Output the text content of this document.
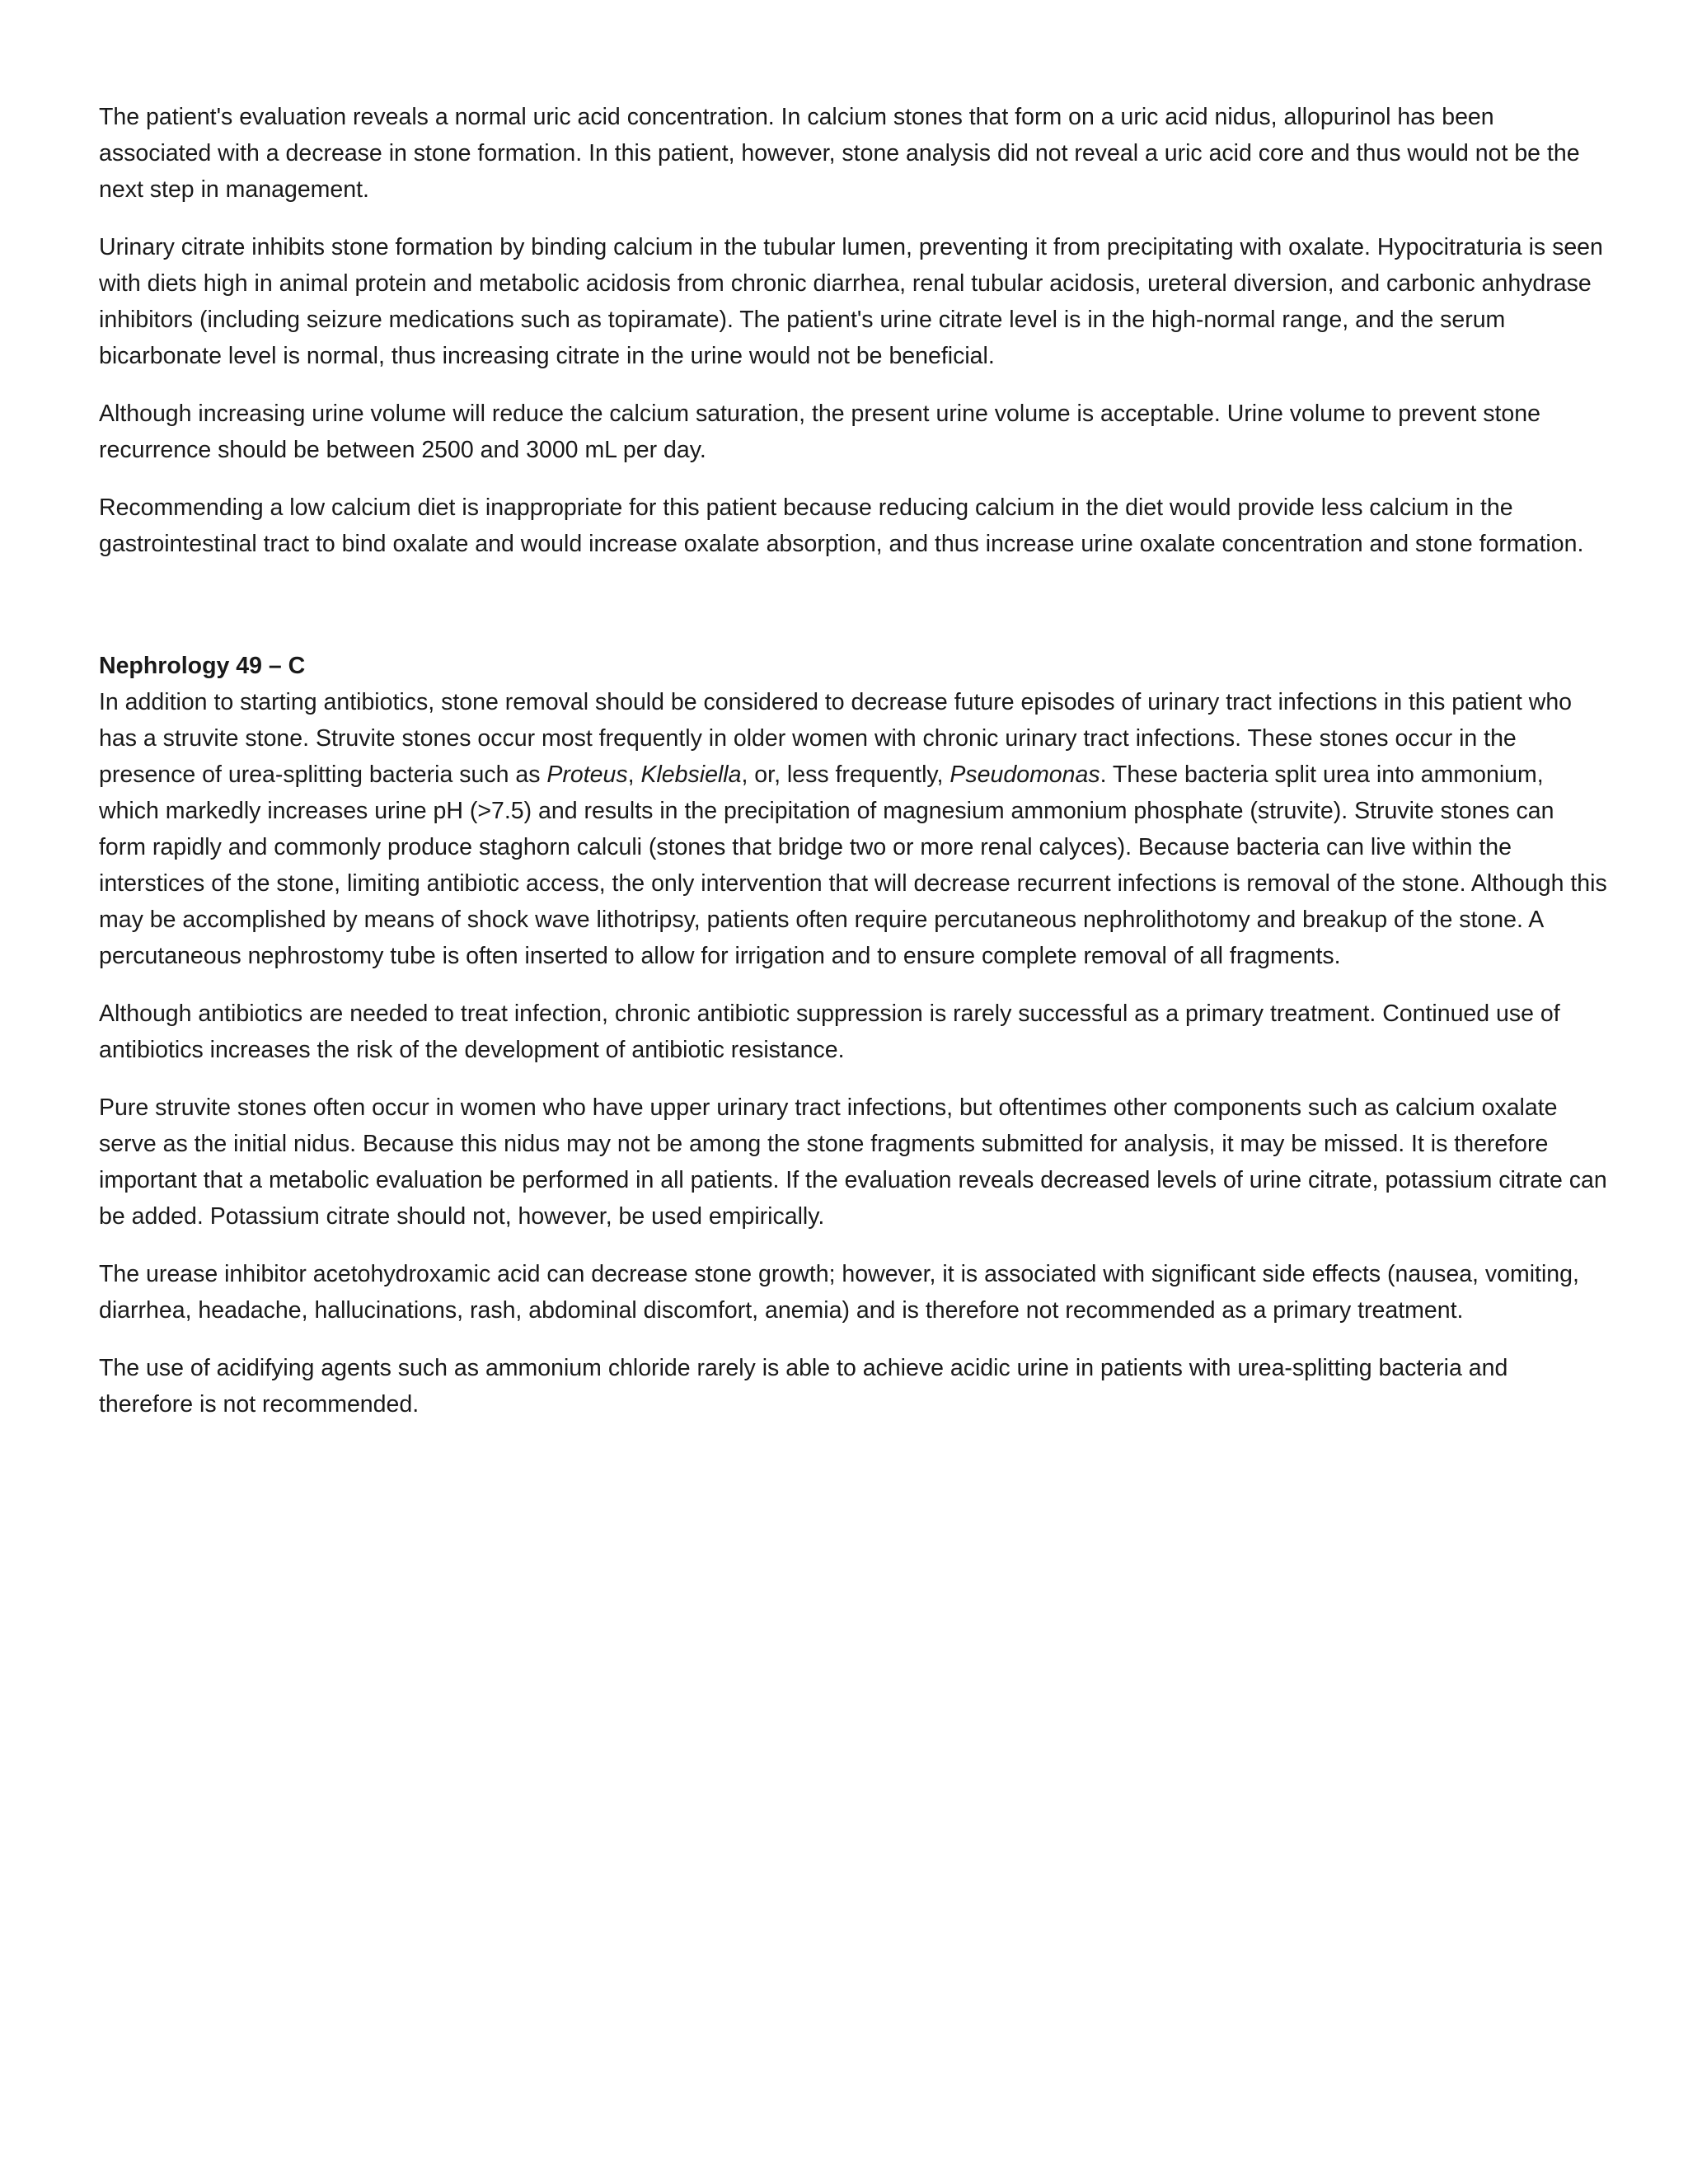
The patient's evaluation reveals a normal uric acid concentration. In calcium stones that form on a uric acid nidus, allopurinol has been associated with a decrease in stone formation. In this patient, however, stone analysis did not reveal a uric acid core and thus would not be the next step in management.

Urinary citrate inhibits stone formation by binding calcium in the tubular lumen, preventing it from precipitating with oxalate. Hypocitraturia is seen with diets high in animal protein and metabolic acidosis from chronic diarrhea, renal tubular acidosis, ureteral diversion, and carbonic anhydrase inhibitors (including seizure medications such as topiramate). The patient's urine citrate level is in the high-normal range, and the serum bicarbonate level is normal, thus increasing citrate in the urine would not be beneficial.

Although increasing urine volume will reduce the calcium saturation, the present urine volume is acceptable. Urine volume to prevent stone recurrence should be between 2500 and 3000 mL per day.

Recommending a low calcium diet is inappropriate for this patient because reducing calcium in the diet would provide less calcium in the gastrointestinal tract to bind oxalate and would increase oxalate absorption, and thus increase urine oxalate concentration and stone formation.

Nephrology 49 – C

In addition to starting antibiotics, stone removal should be considered to decrease future episodes of urinary tract infections in this patient who has a struvite stone. Struvite stones occur most frequently in older women with chronic urinary tract infections. These stones occur in the presence of urea-splitting bacteria such as Proteus, Klebsiella, or, less frequently, Pseudomonas. These bacteria split urea into ammonium, which markedly increases urine pH (>7.5) and results in the precipitation of magnesium ammonium phosphate (struvite). Struvite stones can form rapidly and commonly produce staghorn calculi (stones that bridge two or more renal calyces). Because bacteria can live within the interstices of the stone, limiting antibiotic access, the only intervention that will decrease recurrent infections is removal of the stone. Although this may be accomplished by means of shock wave lithotripsy, patients often require percutaneous nephrolithotomy and breakup of the stone. A percutaneous nephrostomy tube is often inserted to allow for irrigation and to ensure complete removal of all fragments.

Although antibiotics are needed to treat infection, chronic antibiotic suppression is rarely successful as a primary treatment. Continued use of antibiotics increases the risk of the development of antibiotic resistance.

Pure struvite stones often occur in women who have upper urinary tract infections, but oftentimes other components such as calcium oxalate serve as the initial nidus. Because this nidus may not be among the stone fragments submitted for analysis, it may be missed. It is therefore important that a metabolic evaluation be performed in all patients. If the evaluation reveals decreased levels of urine citrate, potassium citrate can be added. Potassium citrate should not, however, be used empirically.

The urease inhibitor acetohydroxamic acid can decrease stone growth; however, it is associated with significant side effects (nausea, vomiting, diarrhea, headache, hallucinations, rash, abdominal discomfort, anemia) and is therefore not recommended as a primary treatment.

The use of acidifying agents such as ammonium chloride rarely is able to achieve acidic urine in patients with urea-splitting bacteria and therefore is not recommended.
